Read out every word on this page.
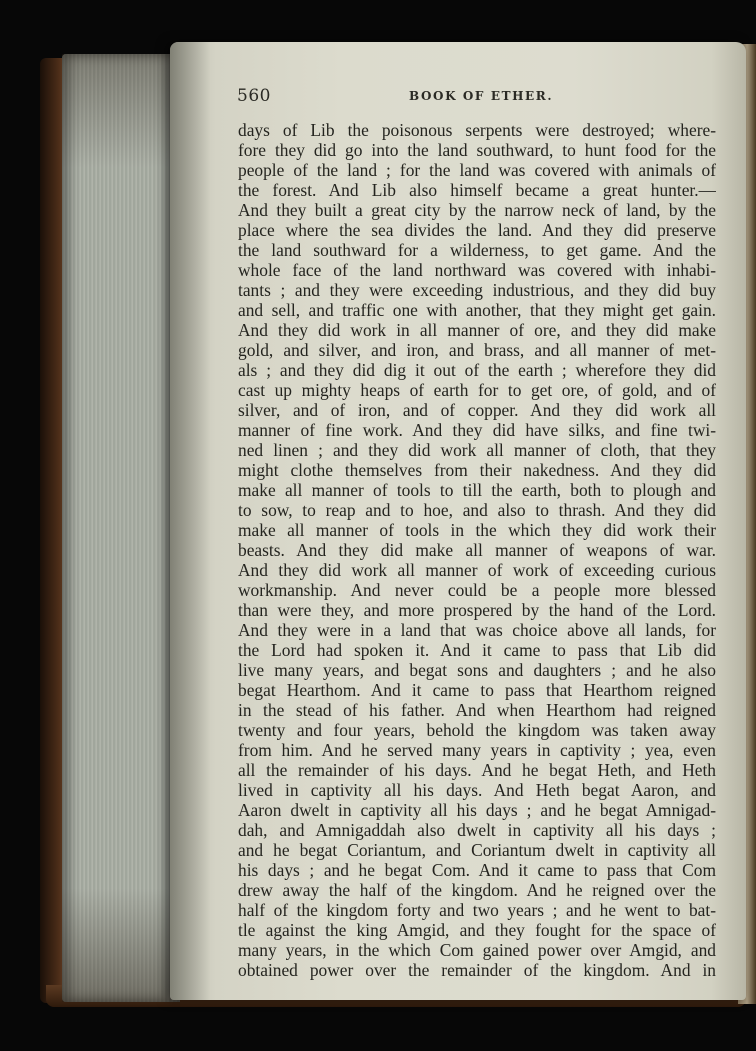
560	BOOK OF ETHER.
days of Lib the poisonous serpents were destroyed; where-
fore they did go into the land southward, to hunt food for the
people of the land ; for the land was covered with animals of
the forest. And Lib also himself became a great hunter.—
And they built a great city by the narrow neck of land, by the
place where the sea divides the land. And they did preserve
the land southward for a wilderness, to get game. And the
whole face of the land northward was covered with inhabi-
tants ; and they were exceeding industrious, and they did buy
and sell, and traffic one with another, that they might get gain.
And they did work in all manner of ore, and they did make
gold, and silver, and iron, and brass, and all manner of met-
als ; and they did dig it out of the earth ; wherefore they did
cast up mighty heaps of earth for to get ore, of gold, and of
silver, and of iron, and of copper. And they did work all
manner of fine work. And they did have silks, and fine twi-
ned linen ; and they did work all manner of cloth, that they
might clothe themselves from their nakedness. And they did
make all manner of tools to till the earth, both to plough and
to sow, to reap and to hoe, and also to thrash. And they did
make all manner of tools in the which they did work their
beasts. And they did make all manner of weapons of war.
And they did work all manner of work of exceeding curious
workmanship. And never could be a people more blessed
than were they, and more prospered by the hand of the Lord.
And they were in a land that was choice above all lands, for
the Lord had spoken it. And it came to pass that Lib did
live many years, and begat sons and daughters ; and he also
begat Hearthom. And it came to pass that Hearthom reigned
in the stead of his father. And when Hearthom had reigned
twenty and four years, behold the kingdom was taken away
from him. And he served many years in captivity ; yea, even
all the remainder of his days. And he begat Heth, and Heth
lived in captivity all his days. And Heth begat Aaron, and
Aaron dwelt in captivity all his days ; and he begat Amnigad-
dah, and Amnigaddah also dwelt in captivity all his days ;
and he begat Coriantum, and Coriantum dwelt in captivity all
his days ; and he begat Com. And it came to pass that Com
drew away the half of the kingdom. And he reigned over the
half of the kingdom forty and two years ; and he went to bat-
tle against the king Amgid, and they fought for the space of
many years, in the which Com gained power over Amgid, and
obtained power over the remainder of the kingdom. And in
